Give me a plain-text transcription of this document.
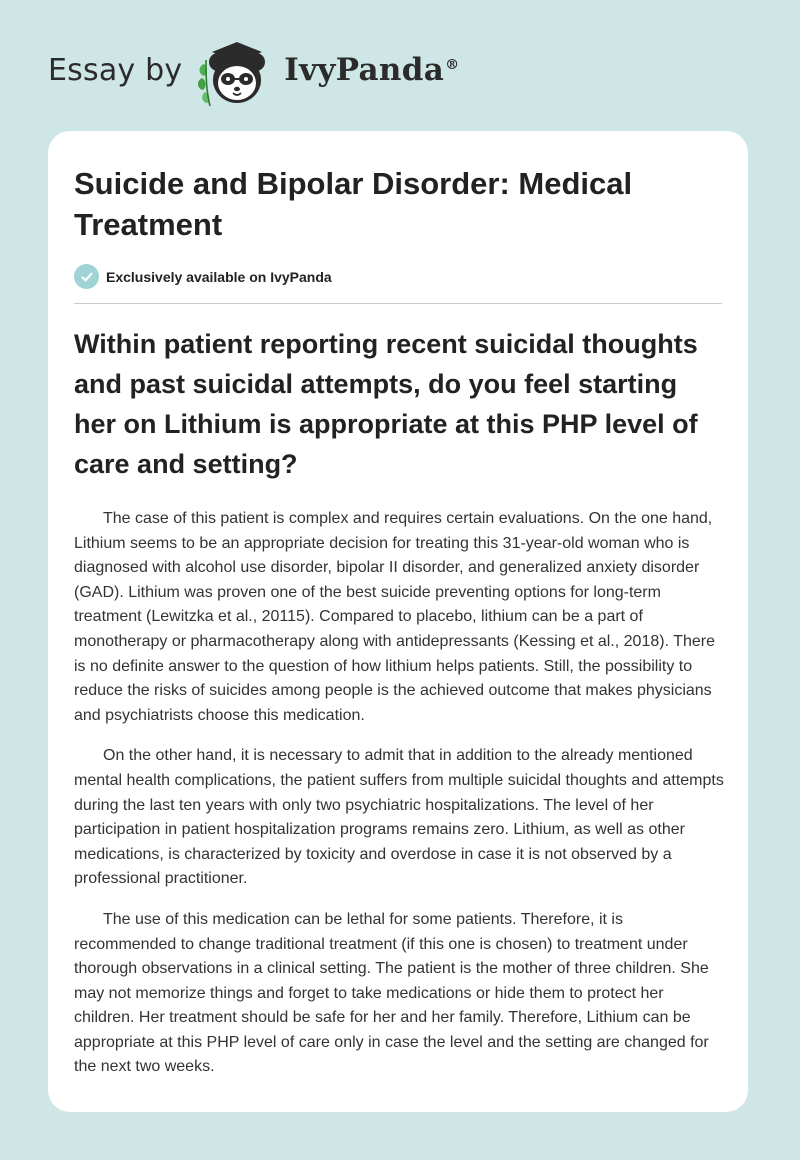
Essay by	IvyPanda®
Suicide and Bipolar Disorder: Medical Treatment
Exclusively available on IvyPanda
Within patient reporting recent suicidal thoughts and past suicidal attempts, do you feel starting her on Lithium is appropriate at this PHP level of care and setting?

The case of this patient is complex and requires certain evaluations. On the one hand, Lithium seems to be an appropriate decision for treating this 31-year-old woman who is diagnosed with alcohol use disorder, bipolar II disorder, and generalized anxiety disorder (GAD). Lithium was proven one of the best suicide preventing options for long-term treatment (Lewitzka et al., 20115). Compared to placebo, lithium can be a part of monotherapy or pharmacotherapy along with antidepressants (Kessing et al., 2018). There is no definite answer to the question of how lithium helps patients. Still, the possibility to reduce the risks of suicides among people is the achieved outcome that makes physicians and psychiatrists choose this medication.

On the other hand, it is necessary to admit that in addition to the already mentioned mental health complications, the patient suffers from multiple suicidal thoughts and attempts during the last ten years with only two psychiatric hospitalizations. The level of her participation in patient hospitalization programs remains zero. Lithium, as well as other medications, is characterized by toxicity and overdose in case it is not observed by a professional practitioner.

The use of this medication can be lethal for some patients. Therefore, it is recommended to change traditional treatment (if this one is chosen) to treatment under thorough observations in a clinical setting. The patient is the mother of three children. She may not memorize things and forget to take medications or hide them to protect her children. Her treatment should be safe for her and her family. Therefore, Lithium can be appropriate at this PHP level of care only in case the level and the setting are changed for the next two weeks.
